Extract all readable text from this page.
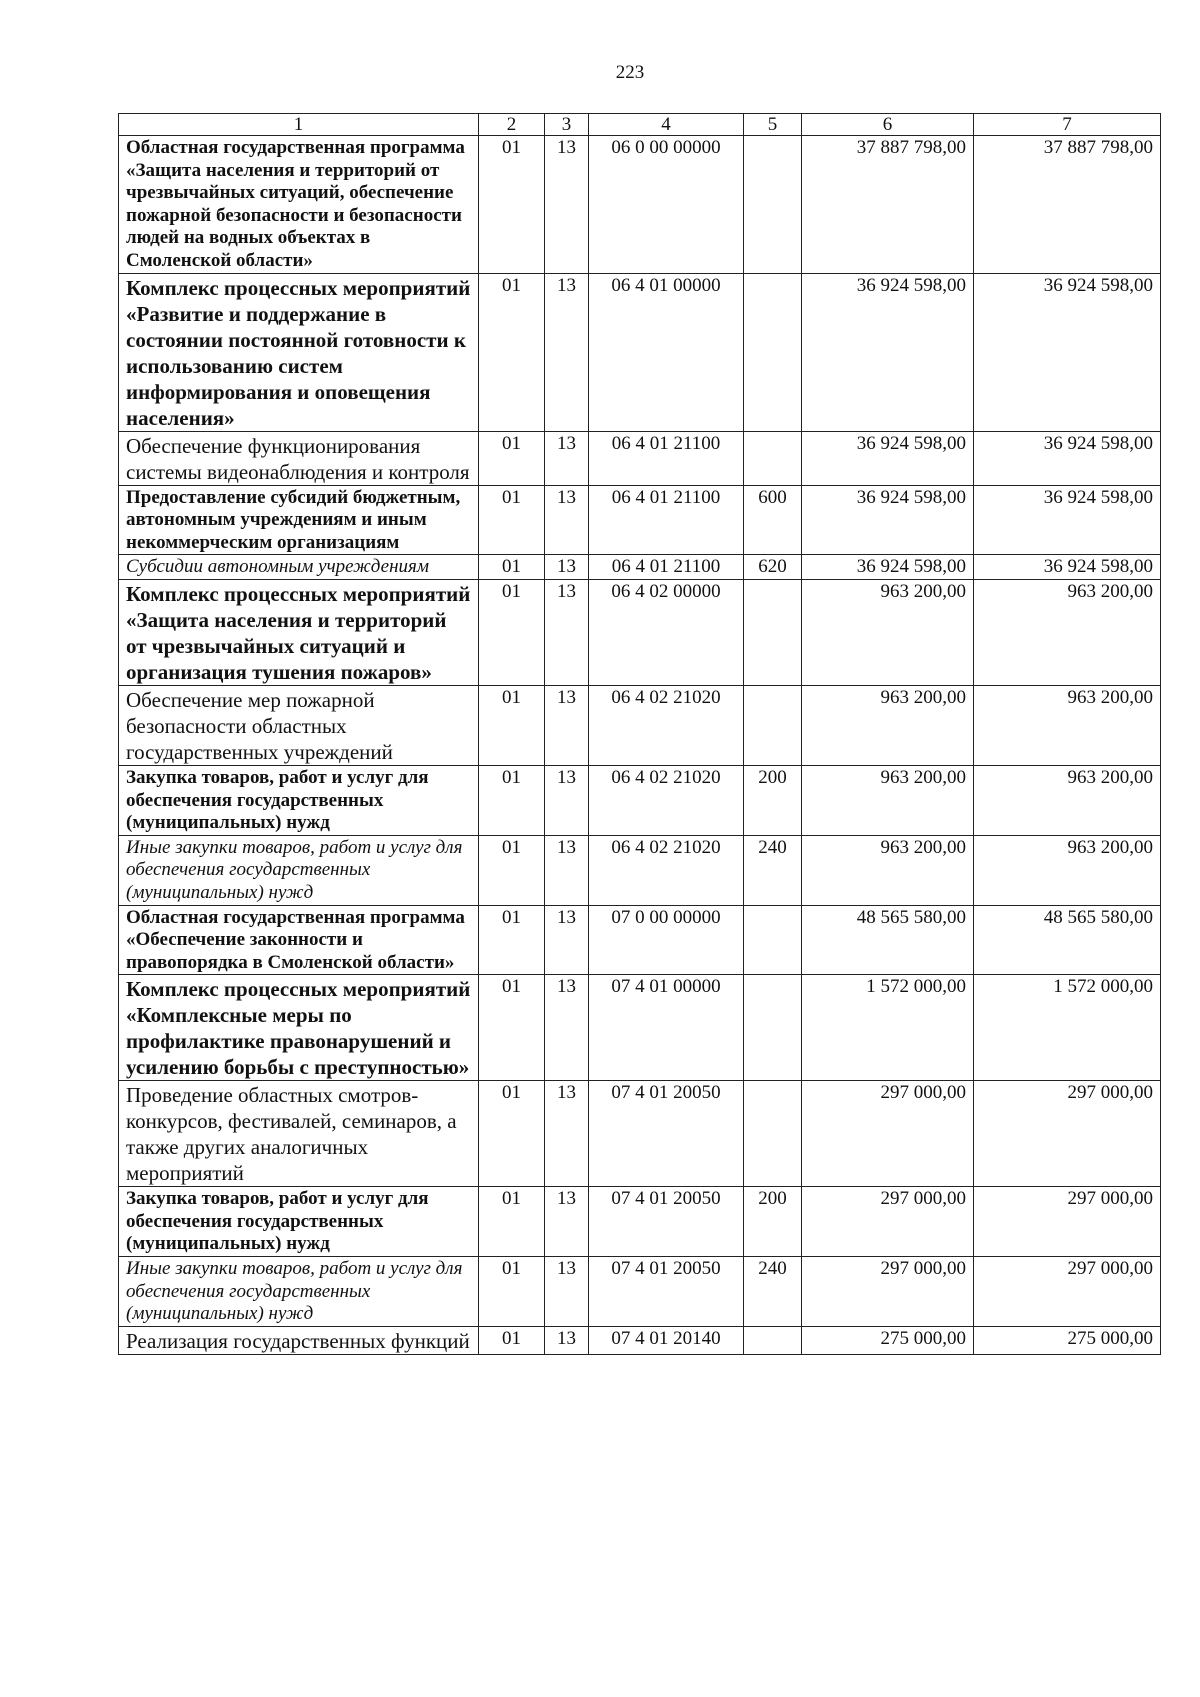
223
1	2	3	4	5	6	7
Областная государственная программа «Защита населения и территорий от чрезвычайных ситуаций, обеспечение пожарной безопасности и безопасности людей на водных объектах в Смоленской области»	01	13	06 0 00 00000		37 887 798,00	37 887 798,00
Комплекс процессных мероприятий «Развитие и поддержание в состоянии постоянной готовности к использованию систем информирования и оповещения населения»	01	13	06 4 01 00000		36 924 598,00	36 924 598,00
Обеспечение функционирования системы видеонаблюдения и контроля	01	13	06 4 01 21100		36 924 598,00	36 924 598,00
Предоставление субсидий бюджетным, автономным учреждениям и иным некоммерческим организациям	01	13	06 4 01 21100	600	36 924 598,00	36 924 598,00
Субсидии автономным учреждениям	01	13	06 4 01 21100	620	36 924 598,00	36 924 598,00
Комплекс процессных мероприятий «Защита населения и территорий от чрезвычайных ситуаций и организация тушения пожаров»	01	13	06 4 02 00000		963 200,00	963 200,00
Обеспечение мер пожарной безопасности областных государственных учреждений	01	13	06 4 02 21020		963 200,00	963 200,00
Закупка товаров, работ и услуг для обеспечения государственных (муниципальных) нужд	01	13	06 4 02 21020	200	963 200,00	963 200,00
Иные закупки товаров, работ и услуг для обеспечения государственных (муниципальных) нужд	01	13	06 4 02 21020	240	963 200,00	963 200,00
Областная государственная программа «Обеспечение законности и правопорядка в Смоленской области»	01	13	07 0 00 00000		48 565 580,00	48 565 580,00
Комплекс процессных мероприятий «Комплексные меры по профилактике правонарушений и усилению борьбы с преступностью»	01	13	07 4 01 00000		1 572 000,00	1 572 000,00
Проведение областных смотров-конкурсов, фестивалей, семинаров, а также других аналогичных мероприятий	01	13	07 4 01 20050		297 000,00	297 000,00
Закупка товаров, работ и услуг для обеспечения государственных (муниципальных) нужд	01	13	07 4 01 20050	200	297 000,00	297 000,00
Иные закупки товаров, работ и услуг для обеспечения государственных (муниципальных) нужд	01	13	07 4 01 20050	240	297 000,00	297 000,00
Реализация государственных функций	01	13	07 4 01 20140		275 000,00	275 000,00
